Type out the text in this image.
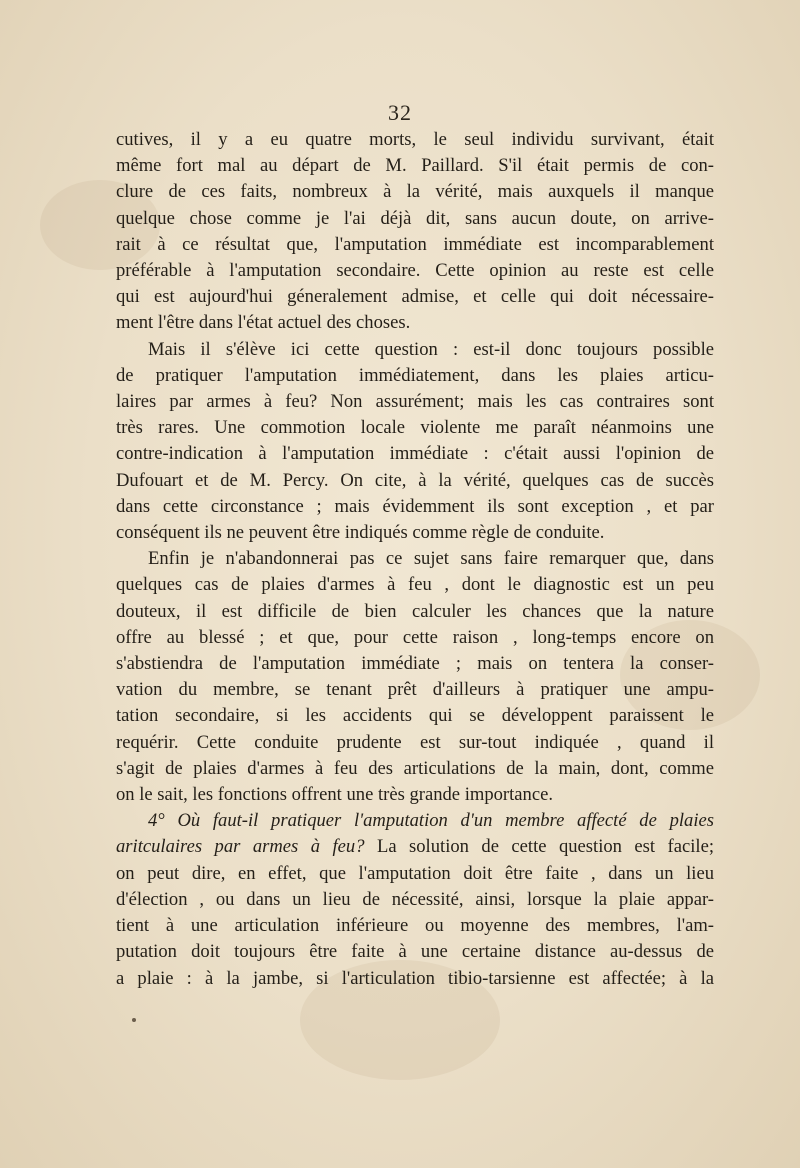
32
cutives, il y a eu quatre morts, le seul individu survivant, était
même fort mal au départ de M. Paillard. S'il était permis de con-
clure de ces faits, nombreux à la vérité, mais auxquels il manque
quelque chose comme je l'ai déjà dit, sans aucun doute, on arrive-
rait à ce résultat que, l'amputation immédiate est incomparablement
préférable à l'amputation secondaire. Cette opinion au reste est celle
qui est aujourd'hui géneralement admise, et celle qui doit nécessaire-
ment l'être dans l'état actuel des choses.
Mais il s'élève ici cette question : est-il donc toujours possible
de pratiquer l'amputation immédiatement, dans les plaies articu-
laires par armes à feu? Non assurément; mais les cas contraires sont
très rares. Une commotion locale violente me paraît néanmoins une
contre-indication à l'amputation immédiate : c'était aussi l'opinion de
Dufouart et de M. Percy. On cite, à la vérité, quelques cas de succès
dans cette circonstance ; mais évidemment ils sont exception , et par
conséquent ils ne peuvent être indiqués comme règle de conduite.
Enfin je n'abandonnerai pas ce sujet sans faire remarquer que, dans
quelques cas de plaies d'armes à feu , dont le diagnostic est un peu
douteux, il est difficile de bien calculer les chances que la nature
offre au blessé ; et que, pour cette raison , long-temps encore on
s'abstiendra de l'amputation immédiate ; mais on tentera la conser-
vation du membre, se tenant prêt d'ailleurs à pratiquer une ampu-
tation secondaire, si les accidents qui se développent paraissent le
requérir. Cette conduite prudente est sur-tout indiquée , quand il
s'agit de plaies d'armes à feu des articulations de la main, dont, comme
on le sait, les fonctions offrent une très grande importance.
4° Où faut-il pratiquer l'amputation d'un membre affecté de plaies
aritculaires par armes à feu? La solution de cette question est facile;
on peut dire, en effet, que l'amputation doit être faite , dans un lieu
d'élection , ou dans un lieu de nécessité, ainsi, lorsque la plaie appar-
tient à une articulation inférieure ou moyenne des membres, l'am-
putation doit toujours être faite à une certaine distance au-dessus de
a plaie : à la jambe, si l'articulation tibio-tarsienne est affectée; à la
